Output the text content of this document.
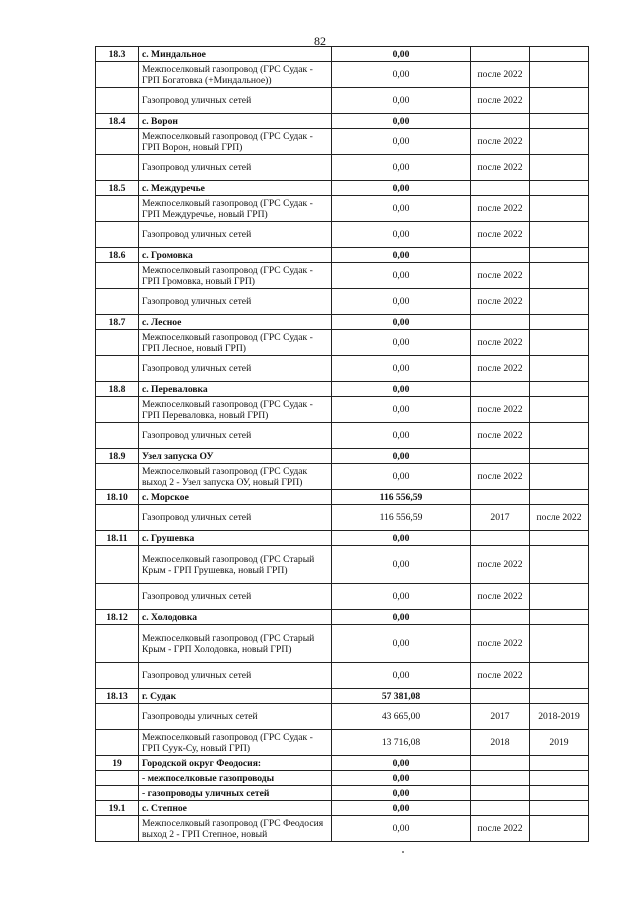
82
18.3	с. Миндальное	0,00		
	Межпоселковый газопровод (ГРС Судак - ГРП Богатовка (+Миндальное))	0,00	после 2022	
	Газопровод уличных сетей	0,00	после 2022	
18.4	с. Ворон	0,00		
	Межпоселковый газопровод (ГРС Судак - ГРП Ворон, новый ГРП)	0,00	после 2022	
	Газопровод уличных сетей	0,00	после 2022	
18.5	с. Междуречье	0,00		
	Межпоселковый газопровод (ГРС Судак - ГРП Междуречье, новый ГРП)	0,00	после 2022	
	Газопровод уличных сетей	0,00	после 2022	
18.6	с. Громовка	0,00		
	Межпоселковый газопровод (ГРС Судак - ГРП Громовка, новый ГРП)	0,00	после 2022	
	Газопровод уличных сетей	0,00	после 2022	
18.7	с. Лесное	0,00		
	Межпоселковый газопровод (ГРС Судак - ГРП Лесное, новый ГРП)	0,00	после 2022	
	Газопровод уличных сетей	0,00	после 2022	
18.8	с. Переваловка	0,00		
	Межпоселковый газопровод (ГРС Судак - ГРП Переваловка, новый ГРП)	0,00	после 2022	
	Газопровод уличных сетей	0,00	после 2022	
18.9	Узел запуска ОУ	0,00		
	Межпоселковый газопровод (ГРС Судак выход 2 - Узел запуска ОУ, новый ГРП)	0,00	после 2022	
18.10	с. Морское	116 556,59		
	Газопровод уличных сетей	116 556,59	2017	после 2022
18.11	с. Грушевка	0,00		
	Межпоселковый газопровод (ГРС Старый Крым - ГРП Грушевка, новый ГРП)	0,00	после 2022	
	Газопровод уличных сетей	0,00	после 2022	
18.12	с. Холодовка	0,00		
	Межпоселковый газопровод (ГРС Старый Крым - ГРП Холодовка, новый ГРП)	0,00	после 2022	
	Газопровод уличных сетей	0,00	после 2022	
18.13	г. Судак	57 381,08		
	Газопроводы уличных сетей	43 665,00	2017	2018-2019
	Межпоселковый газопровод (ГРС Судак - ГРП Суук-Су, новый ГРП)	13 716,08	2018	2019
19	Городской округ Феодосия:	0,00		
	- межпоселковые газопроводы	0,00		
	- газопроводы уличных сетей	0,00		
19.1	с. Степное	0,00		
	Межпоселковый газопровод (ГРС Феодосия выход 2 - ГРП Степное, новый	0,00	после 2022	
